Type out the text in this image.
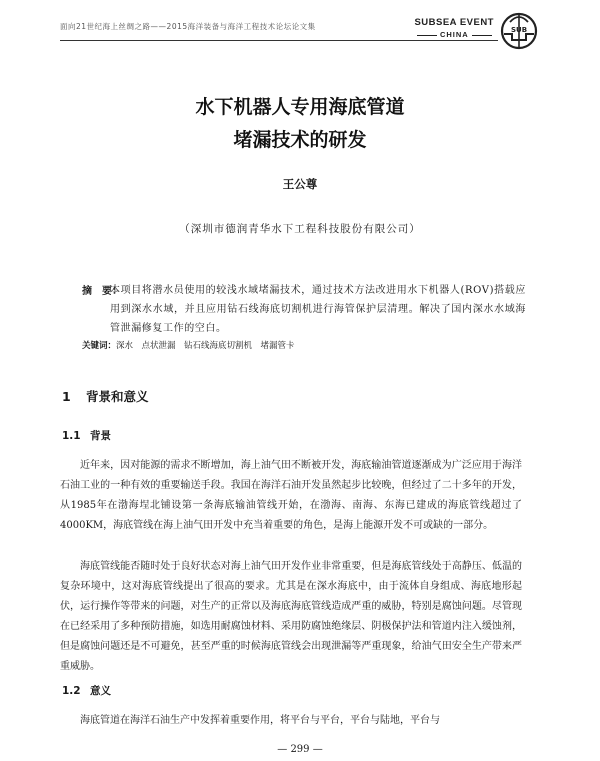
面向21世纪海上丝绸之路——2015海洋装备与海洋工程技术论坛论文集	SUBSEA EVENT
CHINA	SUB
水下机器人专用海底管道
堵漏技术的研发
王公尊
（深圳市德润青华水下工程科技股份有限公司）
摘　要：
本项目将潜水员使用的较浅水域堵漏技术，通过技术方法改进用水下机器人(ROV)搭载应用到深水水域，并且应用钻石线海底切割机进行海管保护层清理。解决了国内深水水域海管泄漏修复工作的空白。
关键词：深水　点状泄漏　钻石线海底切割机　堵漏管卡
1 背景和意义
1.1 背景

近年来，因对能源的需求不断增加，海上油气田不断被开发，海底输油管道逐渐成为广泛应用于海洋石油工业的一种有效的重要输送手段。我国在海洋石油开发虽然起步比较晚，但经过了二十多年的开发，从1985年在渤海埕北铺设第一条海底输油管线开始，在渤海、南海、东海已建成的海底管线超过了4000KM，海底管线在海上油气田开发中充当着重要的角色，是海上能源开发不可或缺的一部分。

海底管线能否随时处于良好状态对海上油气田开发作业非常重要，但是海底管线处于高静压、低温的复杂环境中，这对海底管线提出了很高的要求。尤其是在深水海底中，由于流体自身组成、海底地形起伏，运行操作等带来的问题，对生产的正常以及海底海底管线造成严重的威胁，特别是腐蚀问题。尽管现在已经采用了多种预防措施，如选用耐腐蚀材料、采用防腐蚀绝缘层、阴极保护法和管道内注入缓蚀剂，但是腐蚀问题还是不可避免，甚至严重的时候海底管线会出现泄漏等严重现象，给油气田安全生产带来严重威胁。

1.2 意义

海底管道在海洋石油生产中发挥着重要作用，将平台与平台，平台与陆地，平台与

— 299 —
